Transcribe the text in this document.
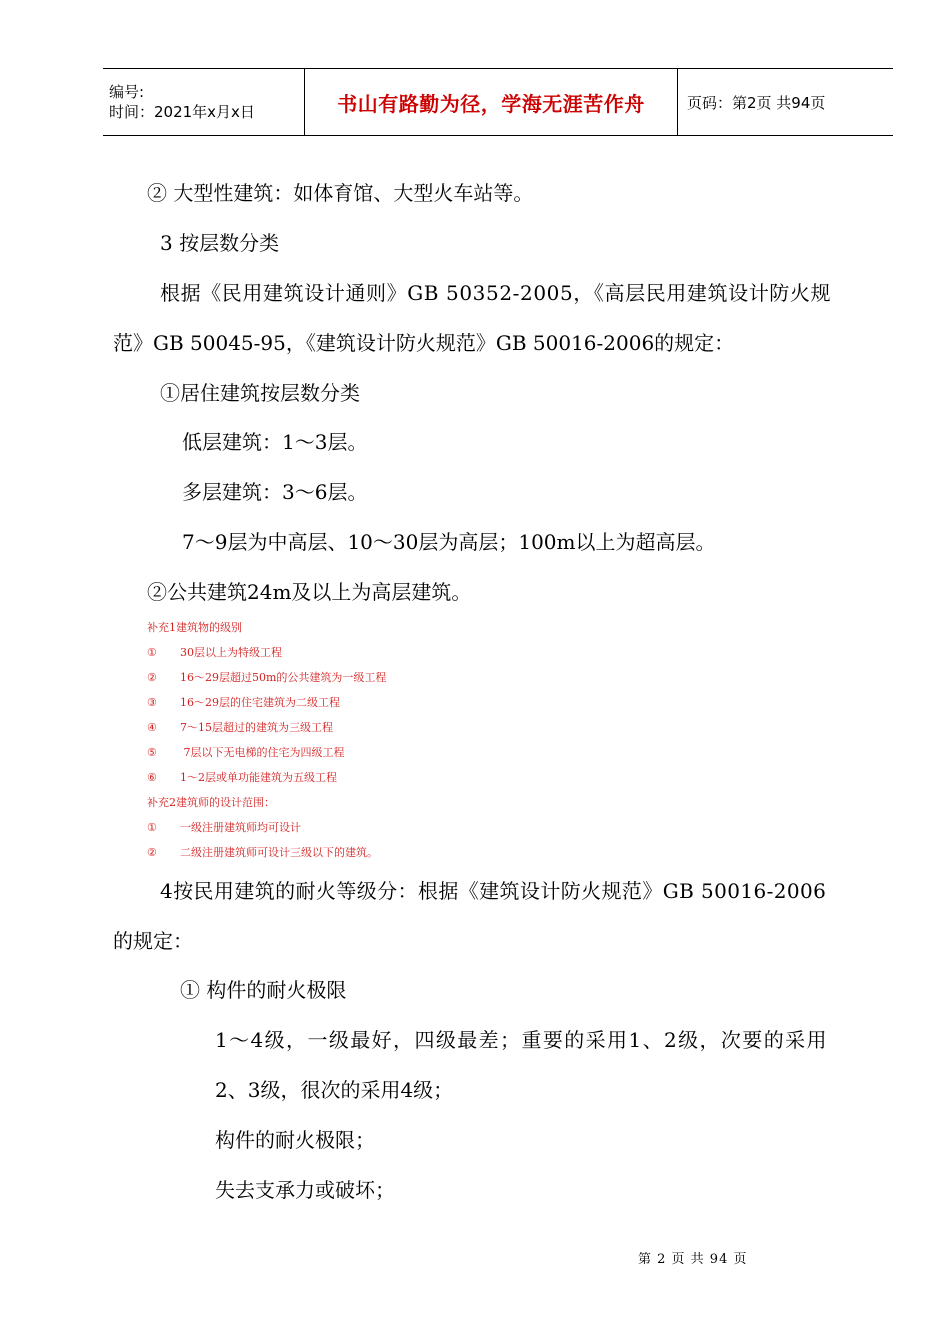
编号:
时间：2021年x月x日	书山有路勤为径，学海无涯苦作舟	页码：第2页 共94页
② 大型性建筑：如体育馆、大型火车站等。
3 按层数分类
根据《民用建筑设计通则》GB 50352-2005，《高层民用建筑设计防火规
范》GB 50045-95，《建筑设计防火规范》GB 50016-2006的规定：
①居住建筑按层数分类
低层建筑：1～3层。
多层建筑：3～6层。
7～9层为中高层、10～30层为高层；100m以上为超高层。
②公共建筑24m及以上为高层建筑。
补充1建筑物的级别
① 30层以上为特级工程
② 16～29层超过50m的公共建筑为一级工程
③ 16～29层的住宅建筑为二级工程
④ 7～15层超过的建筑为三级工程
⑤ 7层以下无电梯的住宅为四级工程
⑥ 1～2层或单功能建筑为五级工程
补充2建筑师的设计范围：
① 一级注册建筑师均可设计
② 二级注册建筑师可设计三级以下的建筑。
4按民用建筑的耐火等级分：根据《建筑设计防火规范》GB 50016-2006
的规定：
① 构件的耐火极限
1～4级，一级最好，四级最差；重要的采用1、2级，次要的采用
2、3级，很次的采用4级；
构件的耐火极限；
失去支承力或破坏；
第 2 页 共 94 页
